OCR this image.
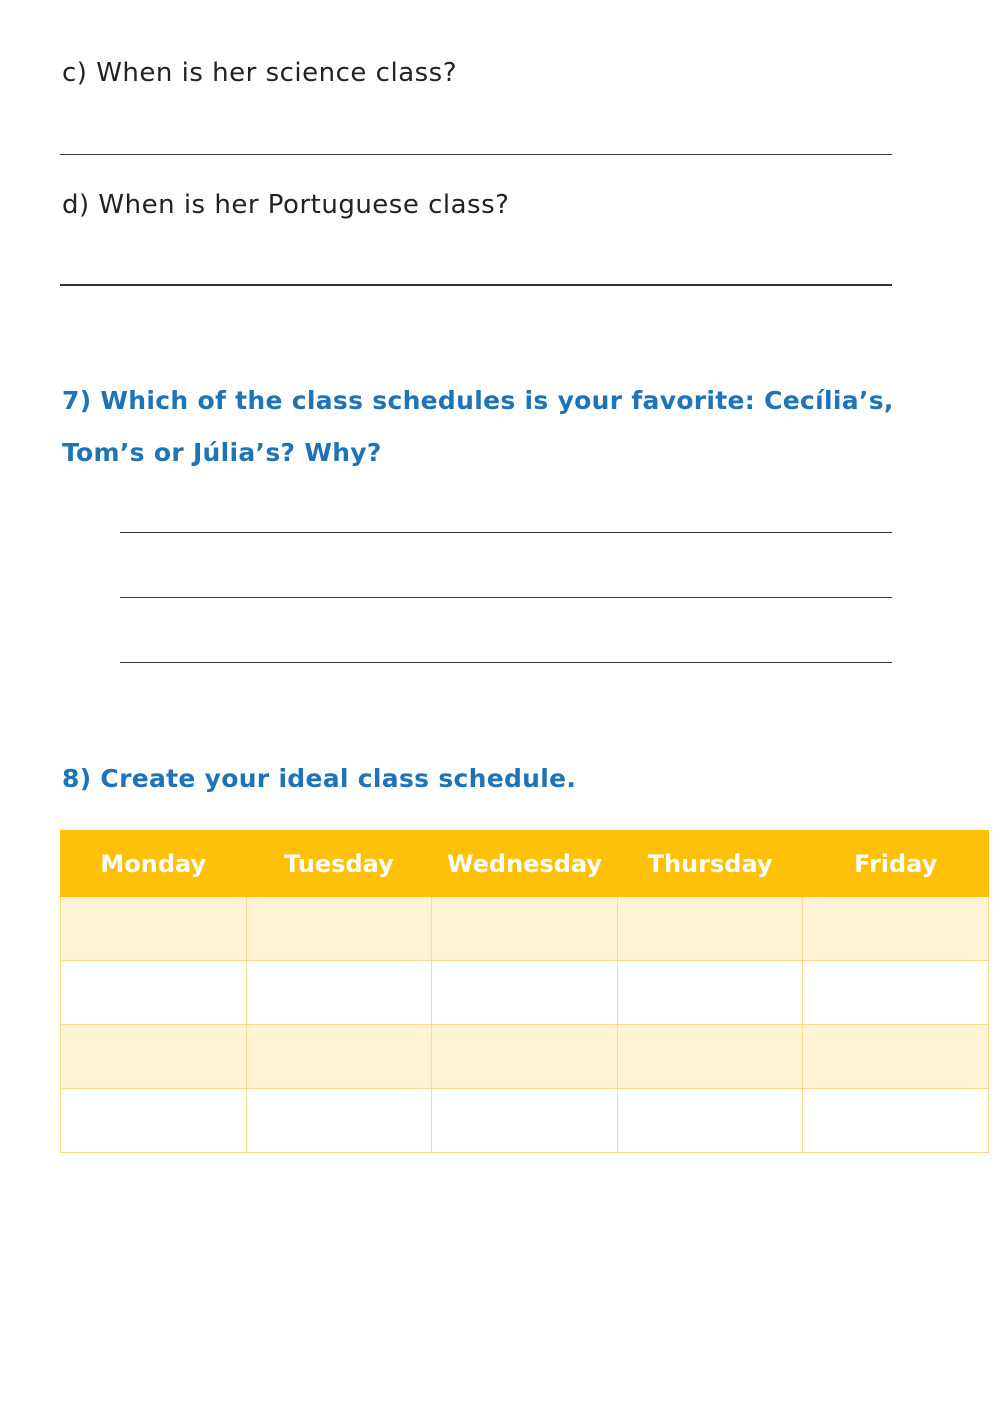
c) When is her science class?
d) When is her Portuguese class?
7) Which of the class schedules is your favorite: Cecília’s,
Tom’s or Júlia’s? Why?
8) Create your ideal class schedule.
Monday	Tuesday	Wednesday	Thursday	Friday
